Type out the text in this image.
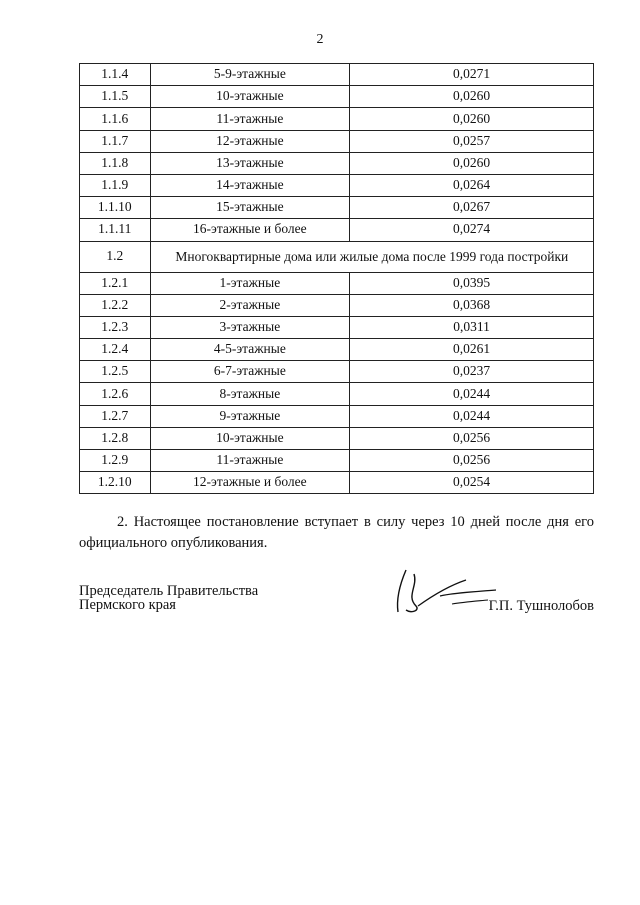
2
1.1.4	5-9-этажные	0,0271
1.1.5	10-этажные	0,0260
1.1.6	11-этажные	0,0260
1.1.7	12-этажные	0,0257
1.1.8	13-этажные	0,0260
1.1.9	14-этажные	0,0264
1.1.10	15-этажные	0,0267
1.1.11	16-этажные и более	0,0274
1.2	Многоквартирные дома или жилые дома после 1999 года постройки	
1.2.1	1-этажные	0,0395
1.2.2	2-этажные	0,0368
1.2.3	3-этажные	0,0311
1.2.4	4-5-этажные	0,0261
1.2.5	6-7-этажные	0,0237
1.2.6	8-этажные	0,0244
1.2.7	9-этажные	0,0244
1.2.8	10-этажные	0,0256
1.2.9	11-этажные	0,0256
1.2.10	12-этажные и более	0,0254

2. Настоящее постановление вступает в силу через 10 дней после дня его официального опубликования.

Председатель Правительства
Пермского края	Г.П. Тушнолобов
